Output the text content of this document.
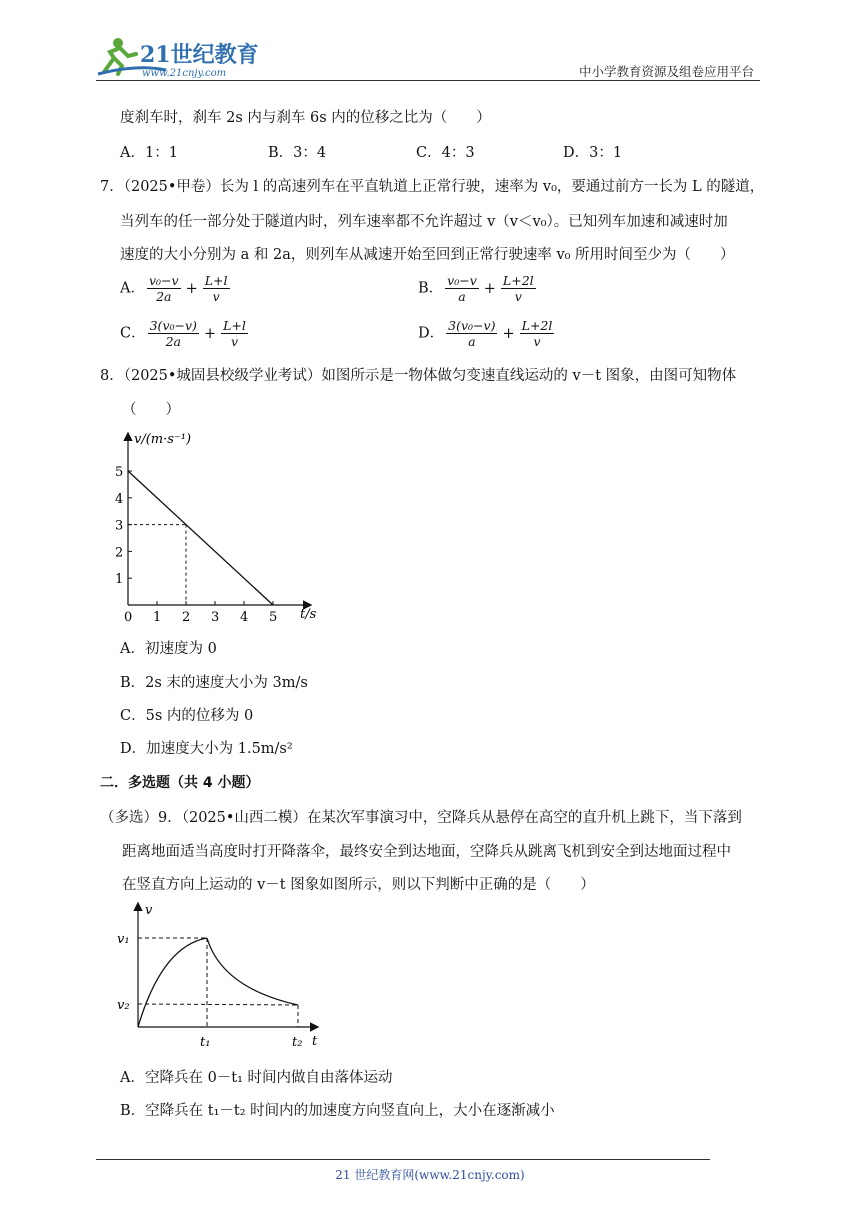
21世纪教育
www.21cnjy.com	中小学教育资源及组卷应用平台
度刹车时，刹车 2s 内与刹车 6s 内的位移之比为（　　）
A．1：1	B．3：4	C．4：3	D．3：1
7．（2025•甲卷）长为 l 的高速列车在平直轨道上正常行驶，速率为 v₀，要通过前方一长为 L 的隧道，
当列车的任一部分处于隧道内时，列车速率都不允许超过 v（v＜v₀）。已知列车加速和减速时加
速度的大小分别为 a 和 2a，则列车从减速开始至回到正常行驶速率 v₀ 所用时间至少为（　　）
A． $\frac{\text{v₀−v}}{2a} + \frac{L+l}{v}$	B． $\frac{\text{v₀−v}}{a} + \frac{L+2l}{v}$
C． $\frac{\text{3(v₀−v)}}{2a} + \frac{L+l}{v}$	D． $\frac{\text{3(v₀−v)}}{a} + \frac{L+2l}{v}$
8．（2025•城固县校级学业考试）如图所示是一物体做匀变速直线运动的 v－t 图象，由图可知物体
（　　）
0 1 2 3 4 5
1
2
3
4
5
v/(m·s⁻¹)
t/s
A．初速度为 0
B．2s 末的速度大小为 3m/s
C．5s 内的位移为 0
D．加速度大小为 1.5m/s²
二．多选题（共 4 小题）
（多选）9．（2025•山西二模）在某次军事演习中，空降兵从悬停在高空的直升机上跳下，当下落到
距离地面适当高度时打开降落伞，最终安全到达地面，空降兵从跳离飞机到安全到达地面过程中
在竖直方向上运动的 v－t 图象如图所示，则以下判断中正确的是（　　）
v
t
v₁
v₂
t₁	t₂
A．空降兵在 0－t₁ 时间内做自由落体运动
B．空降兵在 t₁－t₂ 时间内的加速度方向竖直向上，大小在逐渐减小
21 世纪教育网(www.21cnjy.com)
